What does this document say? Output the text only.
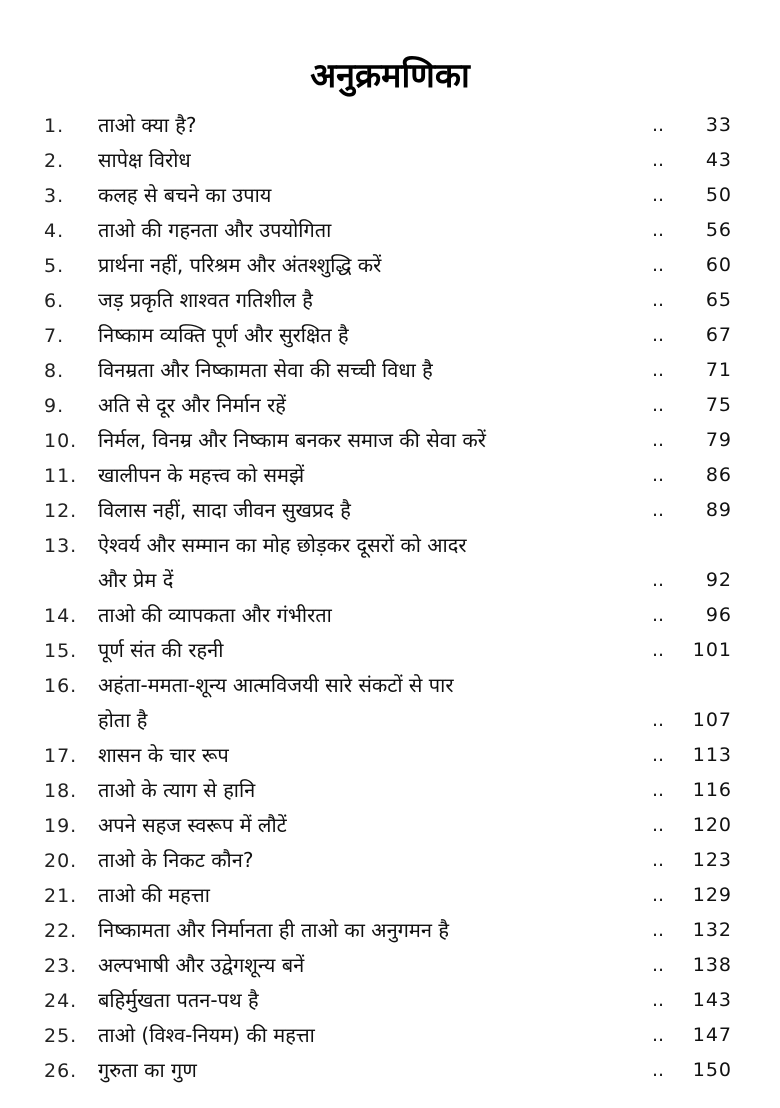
अनुक्रमणिका
1.	ताओ क्या है?	..	33
2.	सापेक्ष विरोध	..	43
3.	कलह से बचने का उपाय	..	50
4.	ताओ की गहनता और उपयोगिता	..	56
5.	प्रार्थना नहीं, परिश्रम और अंतश्शुद्धि करें	..	60
6.	जड़ प्रकृति शाश्वत गतिशील है	..	65
7.	निष्काम व्यक्ति पूर्ण और सुरक्षित है	..	67
8.	विनम्रता और निष्कामता सेवा की सच्ची विधा है	..	71
9.	अति से दूर और निर्मान रहें	..	75
10.	निर्मल, विनम्र और निष्काम बनकर समाज की सेवा करें	..	79
11.	खालीपन के महत्त्व को समझें	..	86
12.	विलास नहीं, सादा जीवन सुखप्रद है	..	89
13.	ऐश्वर्य और सम्मान का मोह छोड़कर दूसरों को आदर
और प्रेम दें	..	92
14.	ताओ की व्यापकता और गंभीरता	..	96
15.	पूर्ण संत की रहनी	..	101
16.	अहंता-ममता-शून्य आत्मविजयी सारे संकटों से पार
होता है	..	107
17.	शासन के चार रूप	..	113
18.	ताओ के त्याग से हानि	..	116
19.	अपने सहज स्वरूप में लौटें	..	120
20.	ताओ के निकट कौन?	..	123
21.	ताओ की महत्ता	..	129
22.	निष्कामता और निर्मानता ही ताओ का अनुगमन है	..	132
23.	अल्पभाषी और उद्वेगशून्य बनें	..	138
24.	बहिर्मुखता पतन-पथ है	..	143
25.	ताओ (विश्व-नियम) की महत्ता	..	147
26.	गुरुता का गुण	..	150
